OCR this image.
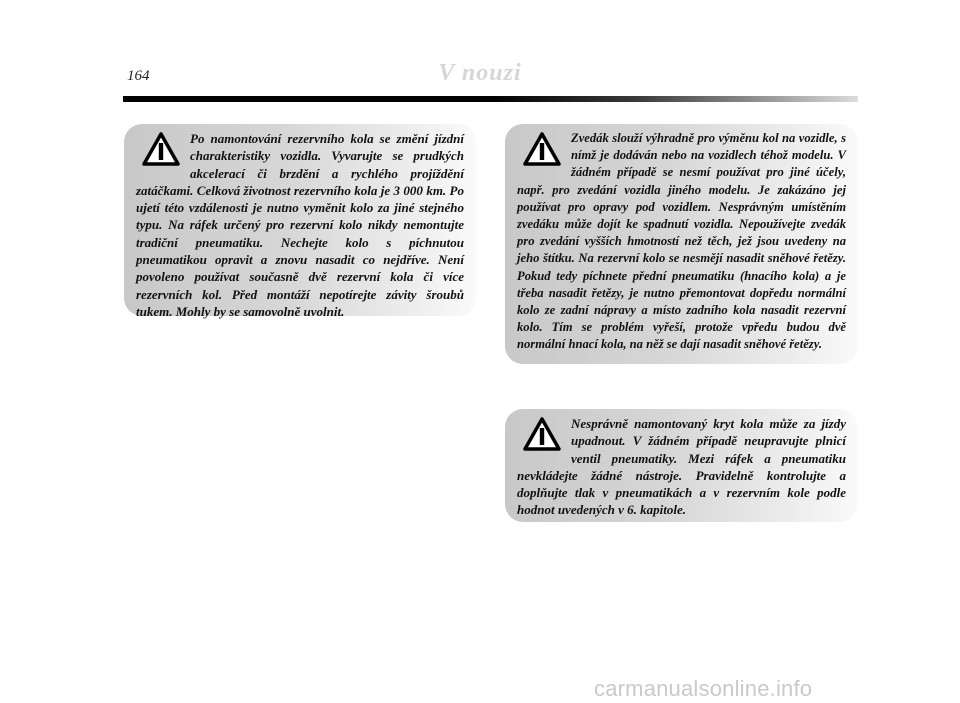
164	V nouzi
Po namontování rezervního kola se změní jízdní charakteristiky vozidla. Vyvarujte se prudkých akcelerací či brzdění a rychlého projíždění zatáčkami. Celková životnost rezervního kola je 3 000 km. Po ujetí této vzdálenosti je nutno vyměnit kolo za jiné stejného typu. Na ráfek určený pro rezervní kolo nikdy nemontujte tradiční pneumatiku. Nechejte kolo s píchnutou pneumatikou opravit a znovu nasadit co nejdříve. Není povoleno používat současně dvě rezervní kola či více rezervních kol. Před montáží nepotírejte závity šroubů tukem. Mohly by se samovolně uvolnit.
Zvedák slouží výhradně pro výměnu kol na vozidle, s nímž je dodáván nebo na vozidlech téhož modelu. V žádném případě se nesmí používat pro jiné účely, např. pro zvedání vozidla jiného modelu. Je zakázáno jej používat pro opravy pod vozidlem. Nesprávným umístěním zvedáku může dojít ke spadnutí vozidla. Nepoužívejte zvedák pro zvedání vyšších hmotností než těch, jež jsou uvedeny na jeho štítku. Na rezervní kolo se nesmějí nasadit sněhové řetězy. Pokud tedy píchnete přední pneumatiku (hnacího kola) a je třeba nasadit řetězy, je nutno přemontovat dopředu normální kolo ze zadní nápravy a místo zadního kola nasadit rezervní kolo. Tím se problém vyřeší, protože vpředu budou dvě normální hnací kola, na něž se dají nasadit sněhové řetězy.
Nesprávně namontovaný kryt kola může za jízdy upadnout. V žádném případě neupravujte plnicí ventil pneumatiky. Mezi ráfek a pneumatiku nevkládejte žádné nástroje. Pravidelně kontrolujte a doplňujte tlak v pneumatikách a v rezervním kole podle hodnot uvedených v 6. kapitole.
carmanualsonline.info
